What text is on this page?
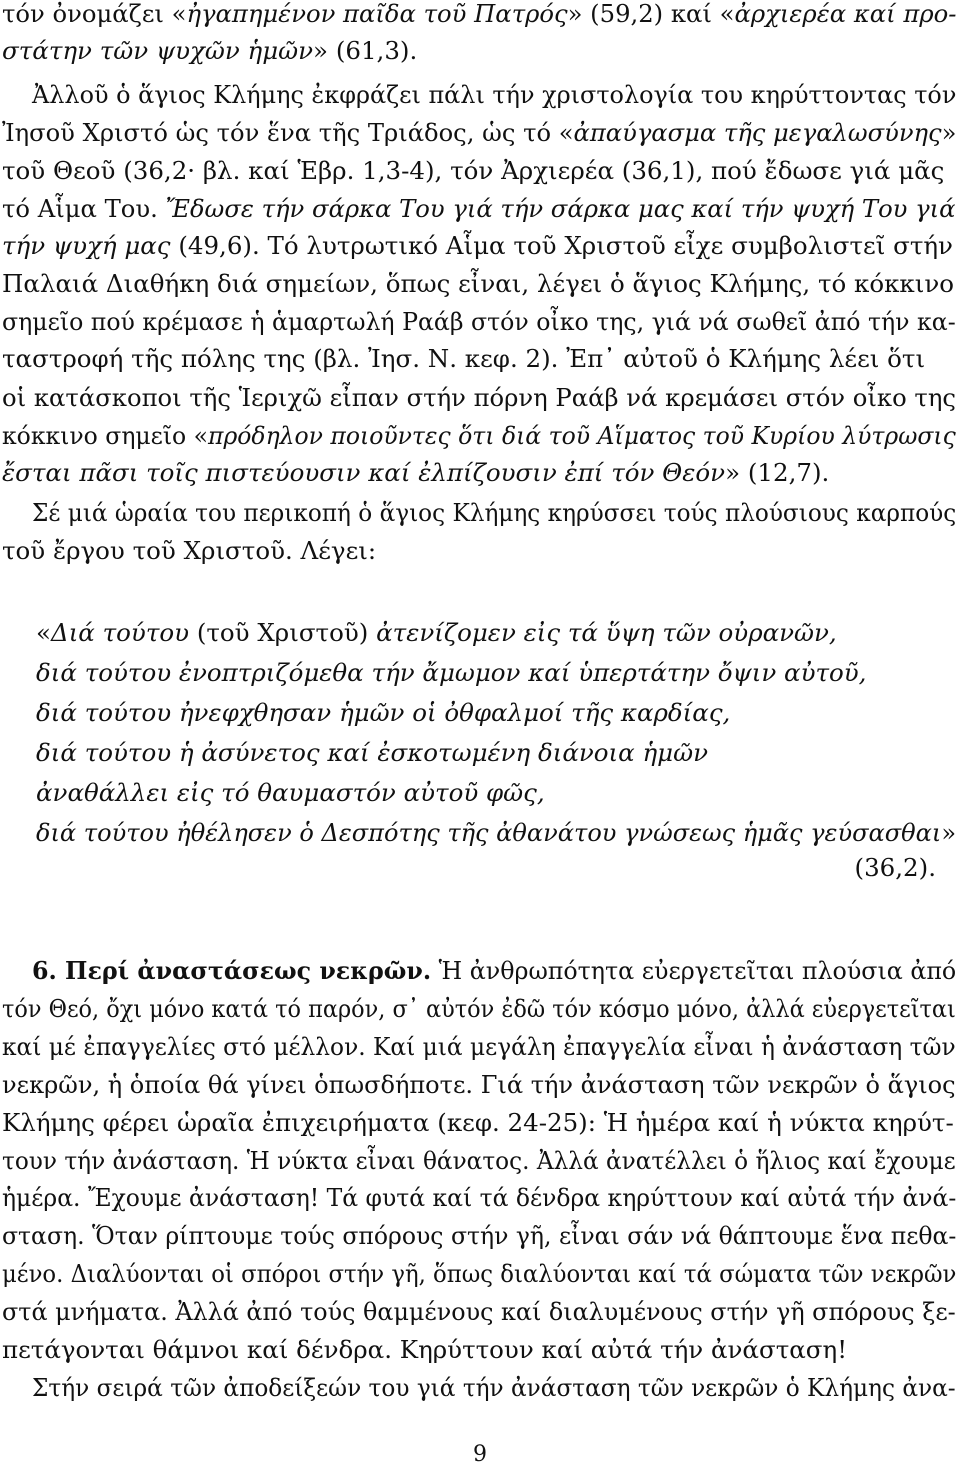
τόν ὀνομάζει «ἠγαπημένον παῖδα τοῦ Πατρός» (59,2) καί «ἀρχιερέα καί προ-
στάτην τῶν ψυχῶν ἡμῶν» (61,3).
Ἀλλοῦ ὁ ἅγιος Κλήμης ἐκφράζει πάλι τήν χριστολογία του κηρύττοντας τόν
Ἰησοῦ Χριστό ὡς τόν ἕνα τῆς Τριάδος, ὡς τό «ἀπαύγασμα τῆς μεγαλωσύνης»
τοῦ Θεοῦ (36,2· βλ. καί Ἑβρ. 1,3-4), τόν Ἀρχιερέα (36,1), πού ἔδωσε γιά μᾶς
τό Αἷμα Του. Ἔδωσε τήν σάρκα Του γιά τήν σάρκα μας καί τήν ψυχή Του γιά
τήν ψυχή μας (49,6). Τό λυτρωτικό Αἷμα τοῦ Χριστοῦ εἶχε συμβολιστεῖ στήν
Παλαιά Διαθήκη διά σημείων, ὅπως εἶναι, λέγει ὁ ἅγιος Κλήμης, τό κόκκινο
σημεῖο πού κρέμασε ἡ ἁμαρτωλή Ραάβ στόν οἶκο της, γιά νά σωθεῖ ἀπό τήν κα-
ταστροφή τῆς πόλης της (βλ. Ἰησ. Ν. κεφ. 2). Ἐπ᾽ αὐτοῦ ὁ Κλήμης λέει ὅτι
οἱ κατάσκοποι τῆς Ἱεριχῶ εἶπαν στήν πόρνη Ραάβ νά κρεμάσει στόν οἶκο της
κόκκινο σημεῖο «πρόδηλον ποιοῦντες ὅτι διά τοῦ Αἵματος τοῦ Κυρίου λύτρωσις
ἔσται πᾶσι τοῖς πιστεύουσιν καί ἐλπίζουσιν ἐπί τόν Θεόν» (12,7).
Σέ μιά ὡραία του περικοπή ὁ ἅγιος Κλήμης κηρύσσει τούς πλούσιους καρπούς
τοῦ ἔργου τοῦ Χριστοῦ. Λέγει:
«Διά τούτου (τοῦ Χριστοῦ) ἀτενίζομεν εἰς τά ὕψη τῶν οὐρανῶν,
διά τούτου ἐνοπτριζόμεθα τήν ἄμωμον καί ὑπερτάτην ὄψιν αὐτοῦ,
διά τούτου ἠνεφχθησαν ἡμῶν οἱ ὀθφαλμοί τῆς καρδίας,
διά τούτου ἡ ἀσύνετος καί ἐσκοτωμένη διάνοια ἡμῶν
ἀναθάλλει εἰς τό θαυμαστόν αὐτοῦ φῶς,
διά τούτου ἠθέλησεν ὁ Δεσπότης τῆς ἀθανάτου γνώσεως ἡμᾶς γεύσασθαι»
(36,2).
6. Περί ἀναστάσεως νεκρῶν. Ἡ ἀνθρωπότητα εὐεργετεῖται πλούσια ἀπό
τόν Θεό, ὄχι μόνο κατά τό παρόν, σ᾽ αὐτόν ἐδῶ τόν κόσμο μόνο, ἀλλά εὐεργετεῖται
καί μέ ἐπαγγελίες στό μέλλον. Καί μιά μεγάλη ἐπαγγελία εἶναι ἡ ἀνάσταση τῶν
νεκρῶν, ἡ ὁποία θά γίνει ὁπωσδήποτε. Γιά τήν ἀνάσταση τῶν νεκρῶν ὁ ἅγιος
Κλήμης φέρει ὡραῖα ἐπιχειρήματα (κεφ. 24-25): Ἡ ἡμέρα καί ἡ νύκτα κηρύτ-
τουν τήν ἀνάσταση. Ἡ νύκτα εἶναι θάνατος. Ἀλλά ἀνατέλλει ὁ ἥλιος καί ἔχουμε
ἡμέρα. Ἔχουμε ἀνάσταση! Τά φυτά καί τά δένδρα κηρύττουν καί αὐτά τήν ἀνά-
σταση. Ὅταν ρίπτουμε τούς σπόρους στήν γῆ, εἶναι σάν νά θάπτουμε ἕνα πεθα-
μένο. Διαλύονται οἱ σπόροι στήν γῆ, ὅπως διαλύονται καί τά σώματα τῶν νεκρῶν
στά μνήματα. Ἀλλά ἀπό τούς θαμμένους καί διαλυμένους στήν γῆ σπόρους ξε-
πετάγονται θάμνοι καί δένδρα. Κηρύττουν καί αὐτά τήν ἀνάσταση!
Στήν σειρά τῶν ἀποδείξεών του γιά τήν ἀνάσταση τῶν νεκρῶν ὁ Κλήμης ἀνα-
9
